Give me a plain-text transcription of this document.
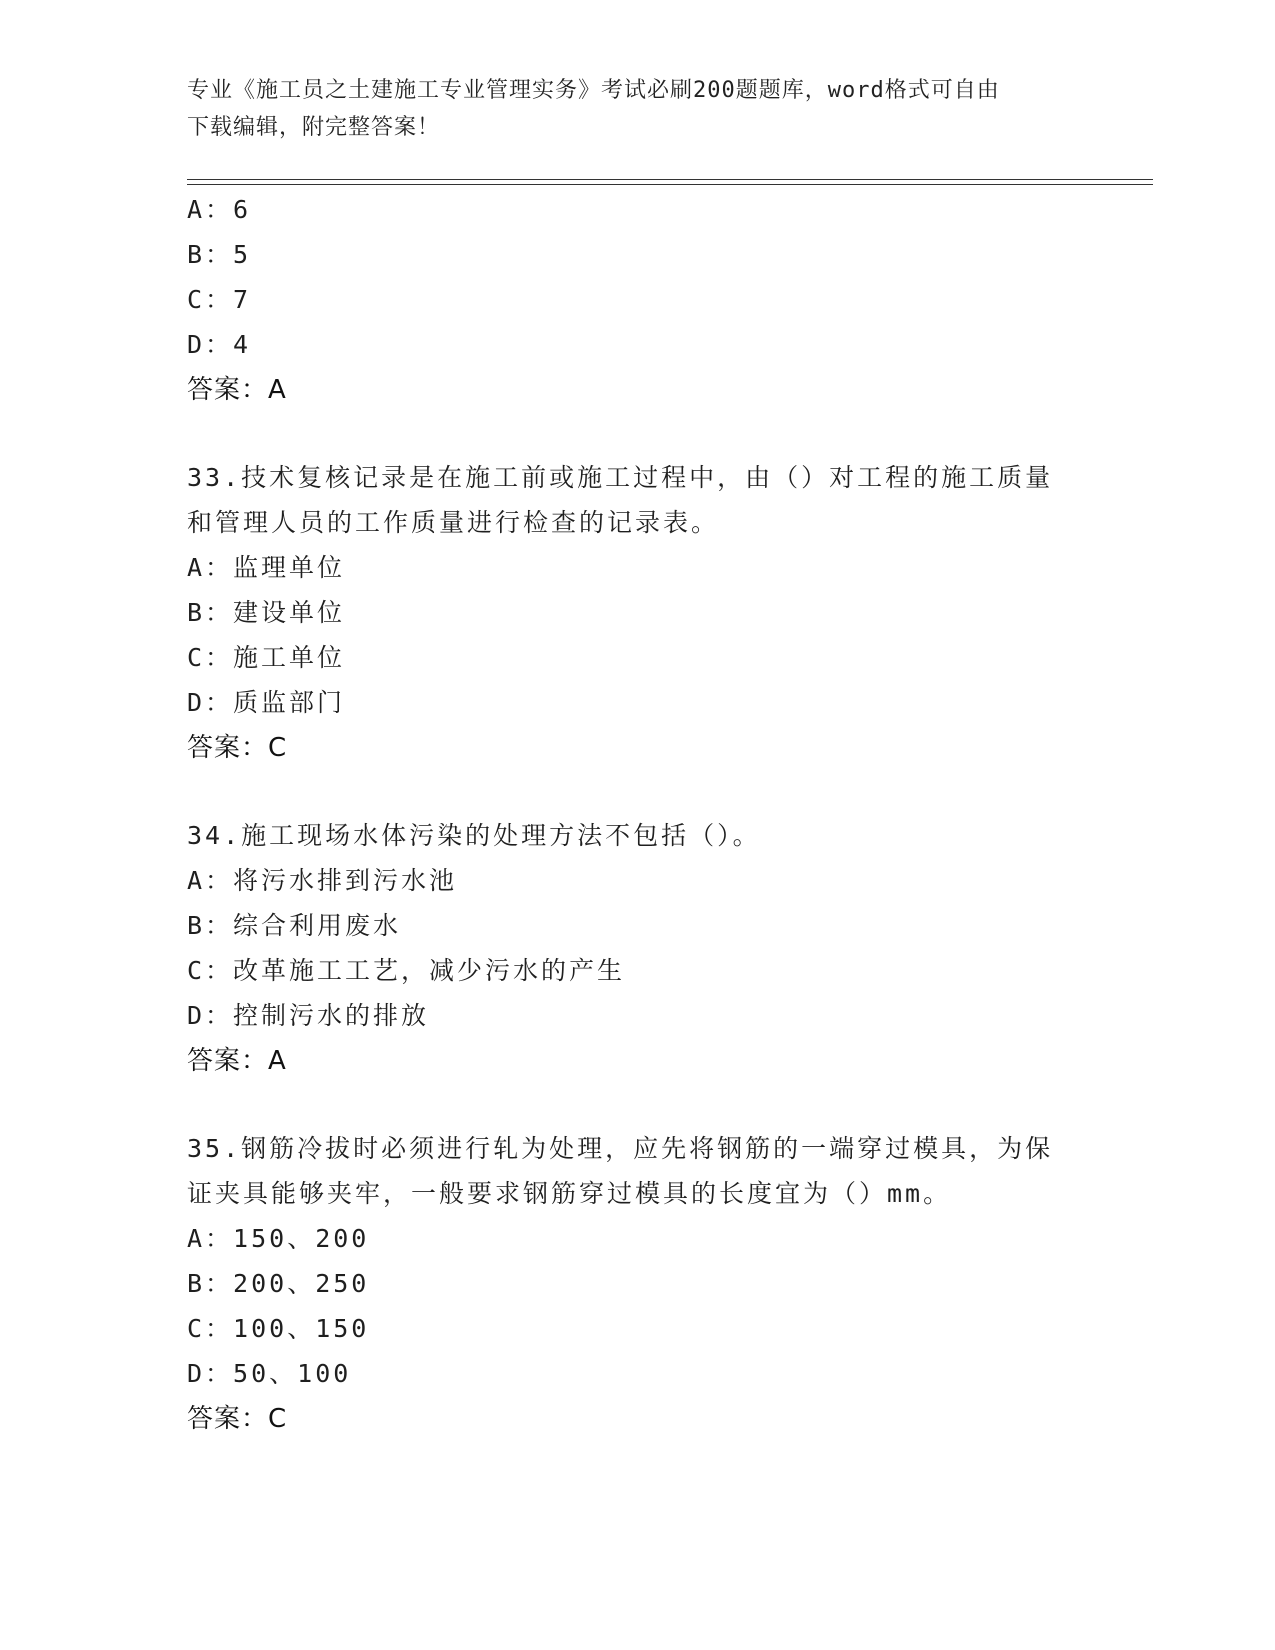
专业《施工员之土建施工专业管理实务》考试必刷200题题库，word格式可自由
下载编辑，附完整答案！
A：6
B：5
C：7
D：4
答案：A
33.技术复核记录是在施工前或施工过程中，由（）对工程的施工质量
和管理人员的工作质量进行检查的记录表。
A：监理单位
B：建设单位
C：施工单位
D：质监部门
答案：C
34.施工现场水体污染的处理方法不包括（）。
A：将污水排到污水池
B：综合利用废水
C：改革施工工艺，减少污水的产生
D：控制污水的排放
答案：A
35.钢筋冷拔时必须进行轧为处理，应先将钢筋的一端穿过模具，为保
证夹具能够夹牢，一般要求钢筋穿过模具的长度宜为（）mm。
A：150、200
B：200、250
C：100、150
D：50、100
答案：C
